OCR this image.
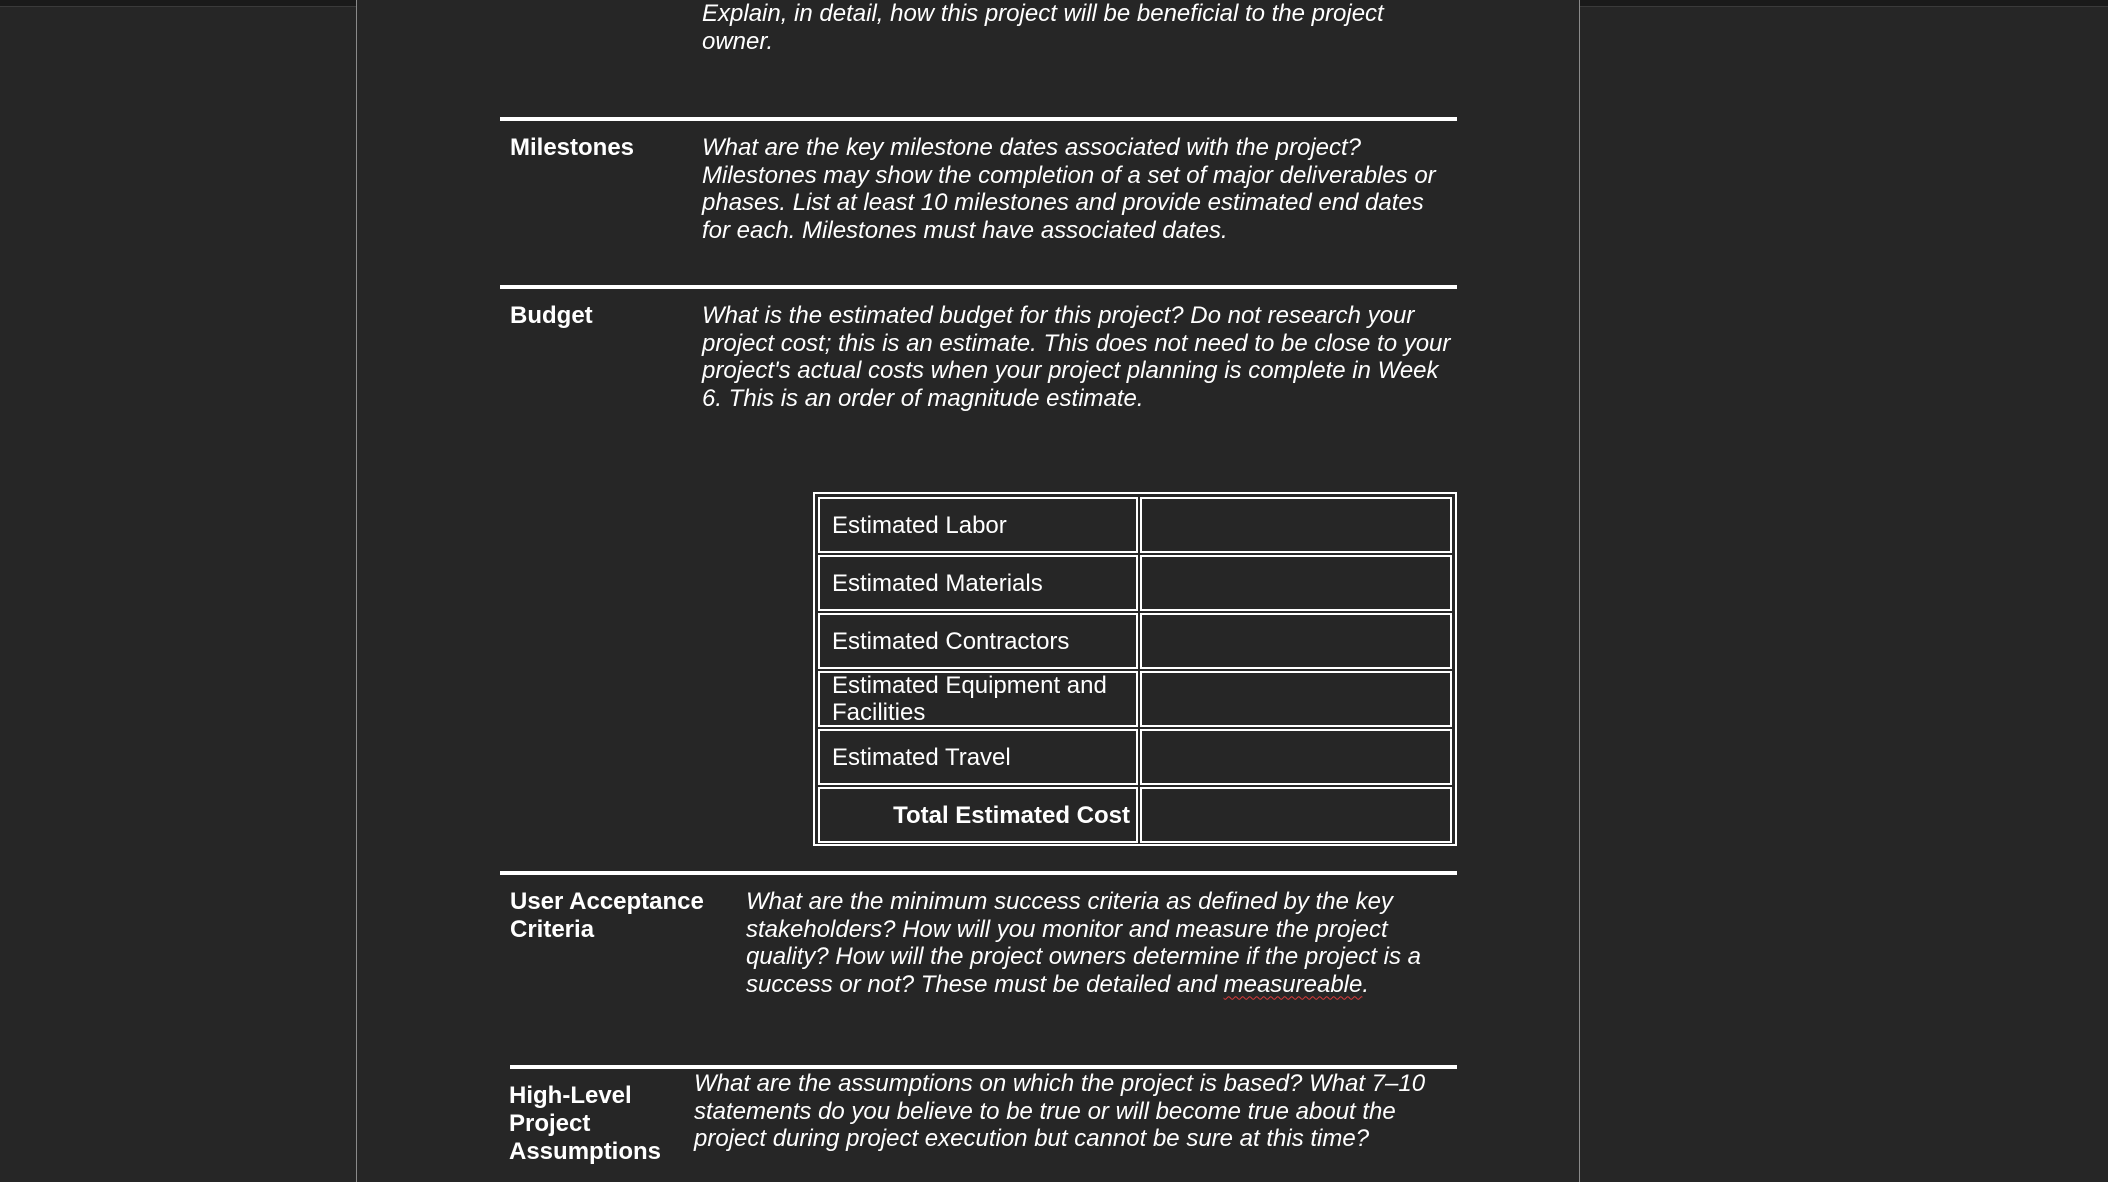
Explain, in detail, how this project will be beneficial to the project owner.
Milestones	What are the key milestone dates associated with the project? Milestones may show the completion of a set of major deliverables or phases. List at least 10 milestones and provide estimated end dates for each. Milestones must have associated dates.
Budget	What is the estimated budget for this project? Do not research your project cost; this is an estimate. This does not need to be close to your project's actual costs when your project planning is complete in Week 6. This is an order of magnitude estimate.
Estimated Labor
Estimated Materials
Estimated Contractors
Estimated Equipment and Facilities
Estimated Travel
Total Estimated Cost
User Acceptance
Criteria
What are the minimum success criteria as defined by the key stakeholders? How will you monitor and measure the project quality? How will the project owners determine if the project is a success or not? These must be detailed and measureable.
High-Level
Project
Assumptions
What are the assumptions on which the project is based? What 7–10 statements do you believe to be true or will become true about the project during project execution but cannot be sure at this time?
